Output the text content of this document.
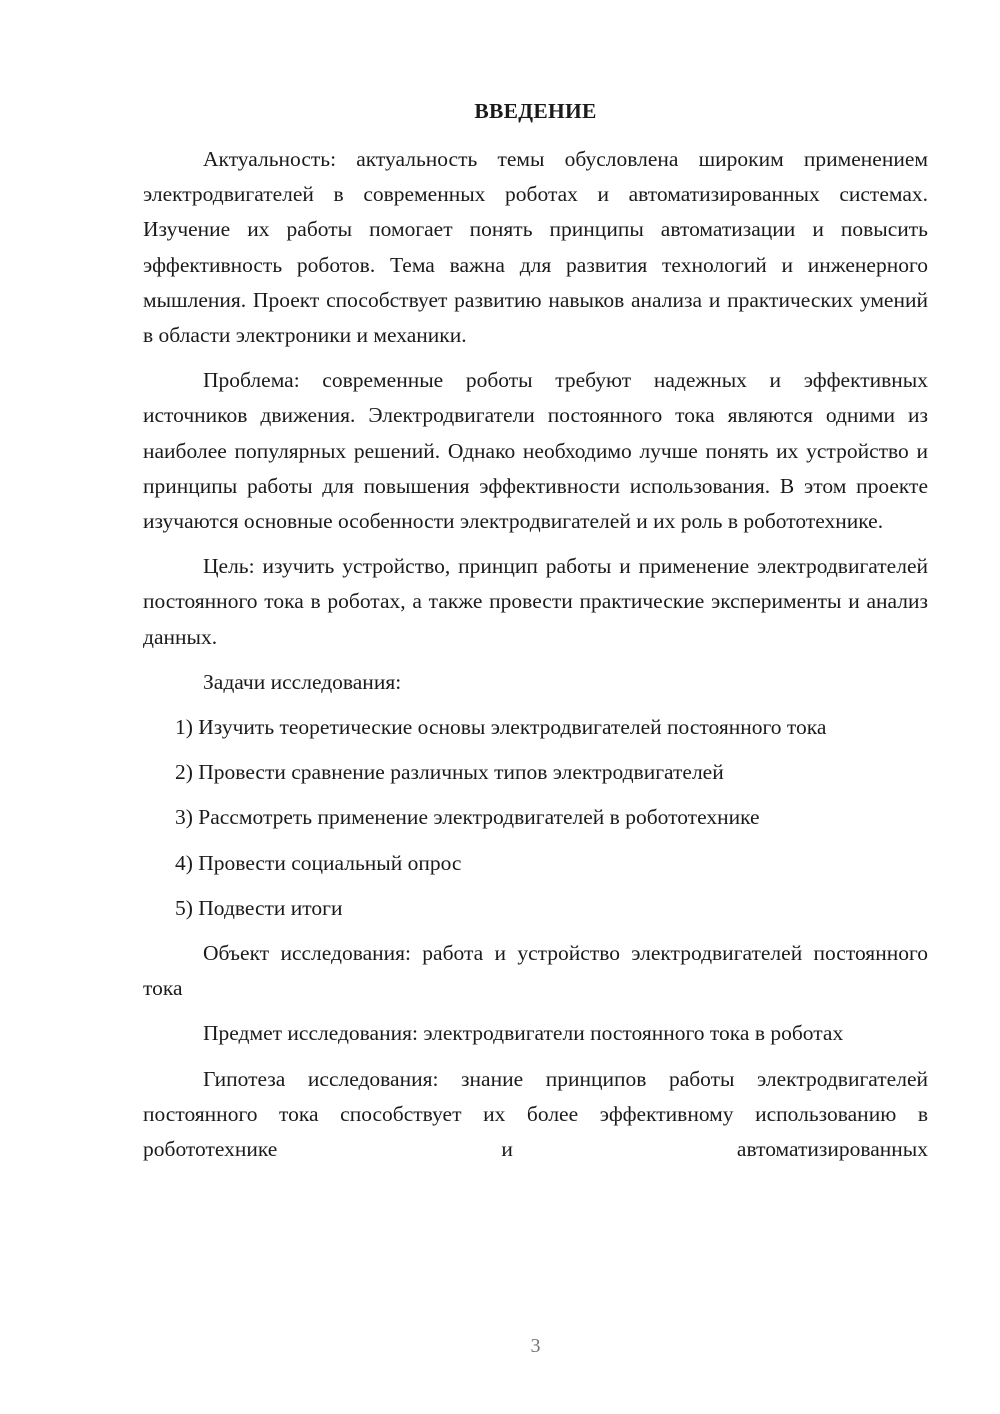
ВВЕДЕНИЕ

Актуальность: актуальность темы обусловлена широким применением электродвигателей в современных роботах и автоматизированных системах. Изучение их работы помогает понять принципы автоматизации и повысить эффективность роботов. Тема важна для развития технологий и инженерного мышления. Проект способствует развитию навыков анализа и практических умений в области электроники и механики.

Проблема: современные роботы требуют надежных и эффективных источников движения. Электродвигатели постоянного тока являются одними из наиболее популярных решений. Однако необходимо лучше понять их устройство и принципы работы для повышения эффективности использования. В этом проекте изучаются основные особенности электродвигателей и их роль в робототехнике.

Цель: изучить устройство, принцип работы и применение электродвигателей постоянного тока в роботах, а также провести практические эксперименты и анализ данных.

Задачи исследования:

1) Изучить теоретические основы электродвигателей постоянного тока

2) Провести сравнение различных типов электродвигателей

3) Рассмотреть применение электродвигателей в робототехнике

4) Провести социальный опрос

5) Подвести итоги

Объект исследования: работа и устройство электродвигателей постоянного тока

Предмет исследования: электродвигатели постоянного тока в роботах

Гипотеза исследования: знание принципов работы электродвигателей постоянного тока способствует их более эффективному использованию в робототехнике и автоматизированных

3
